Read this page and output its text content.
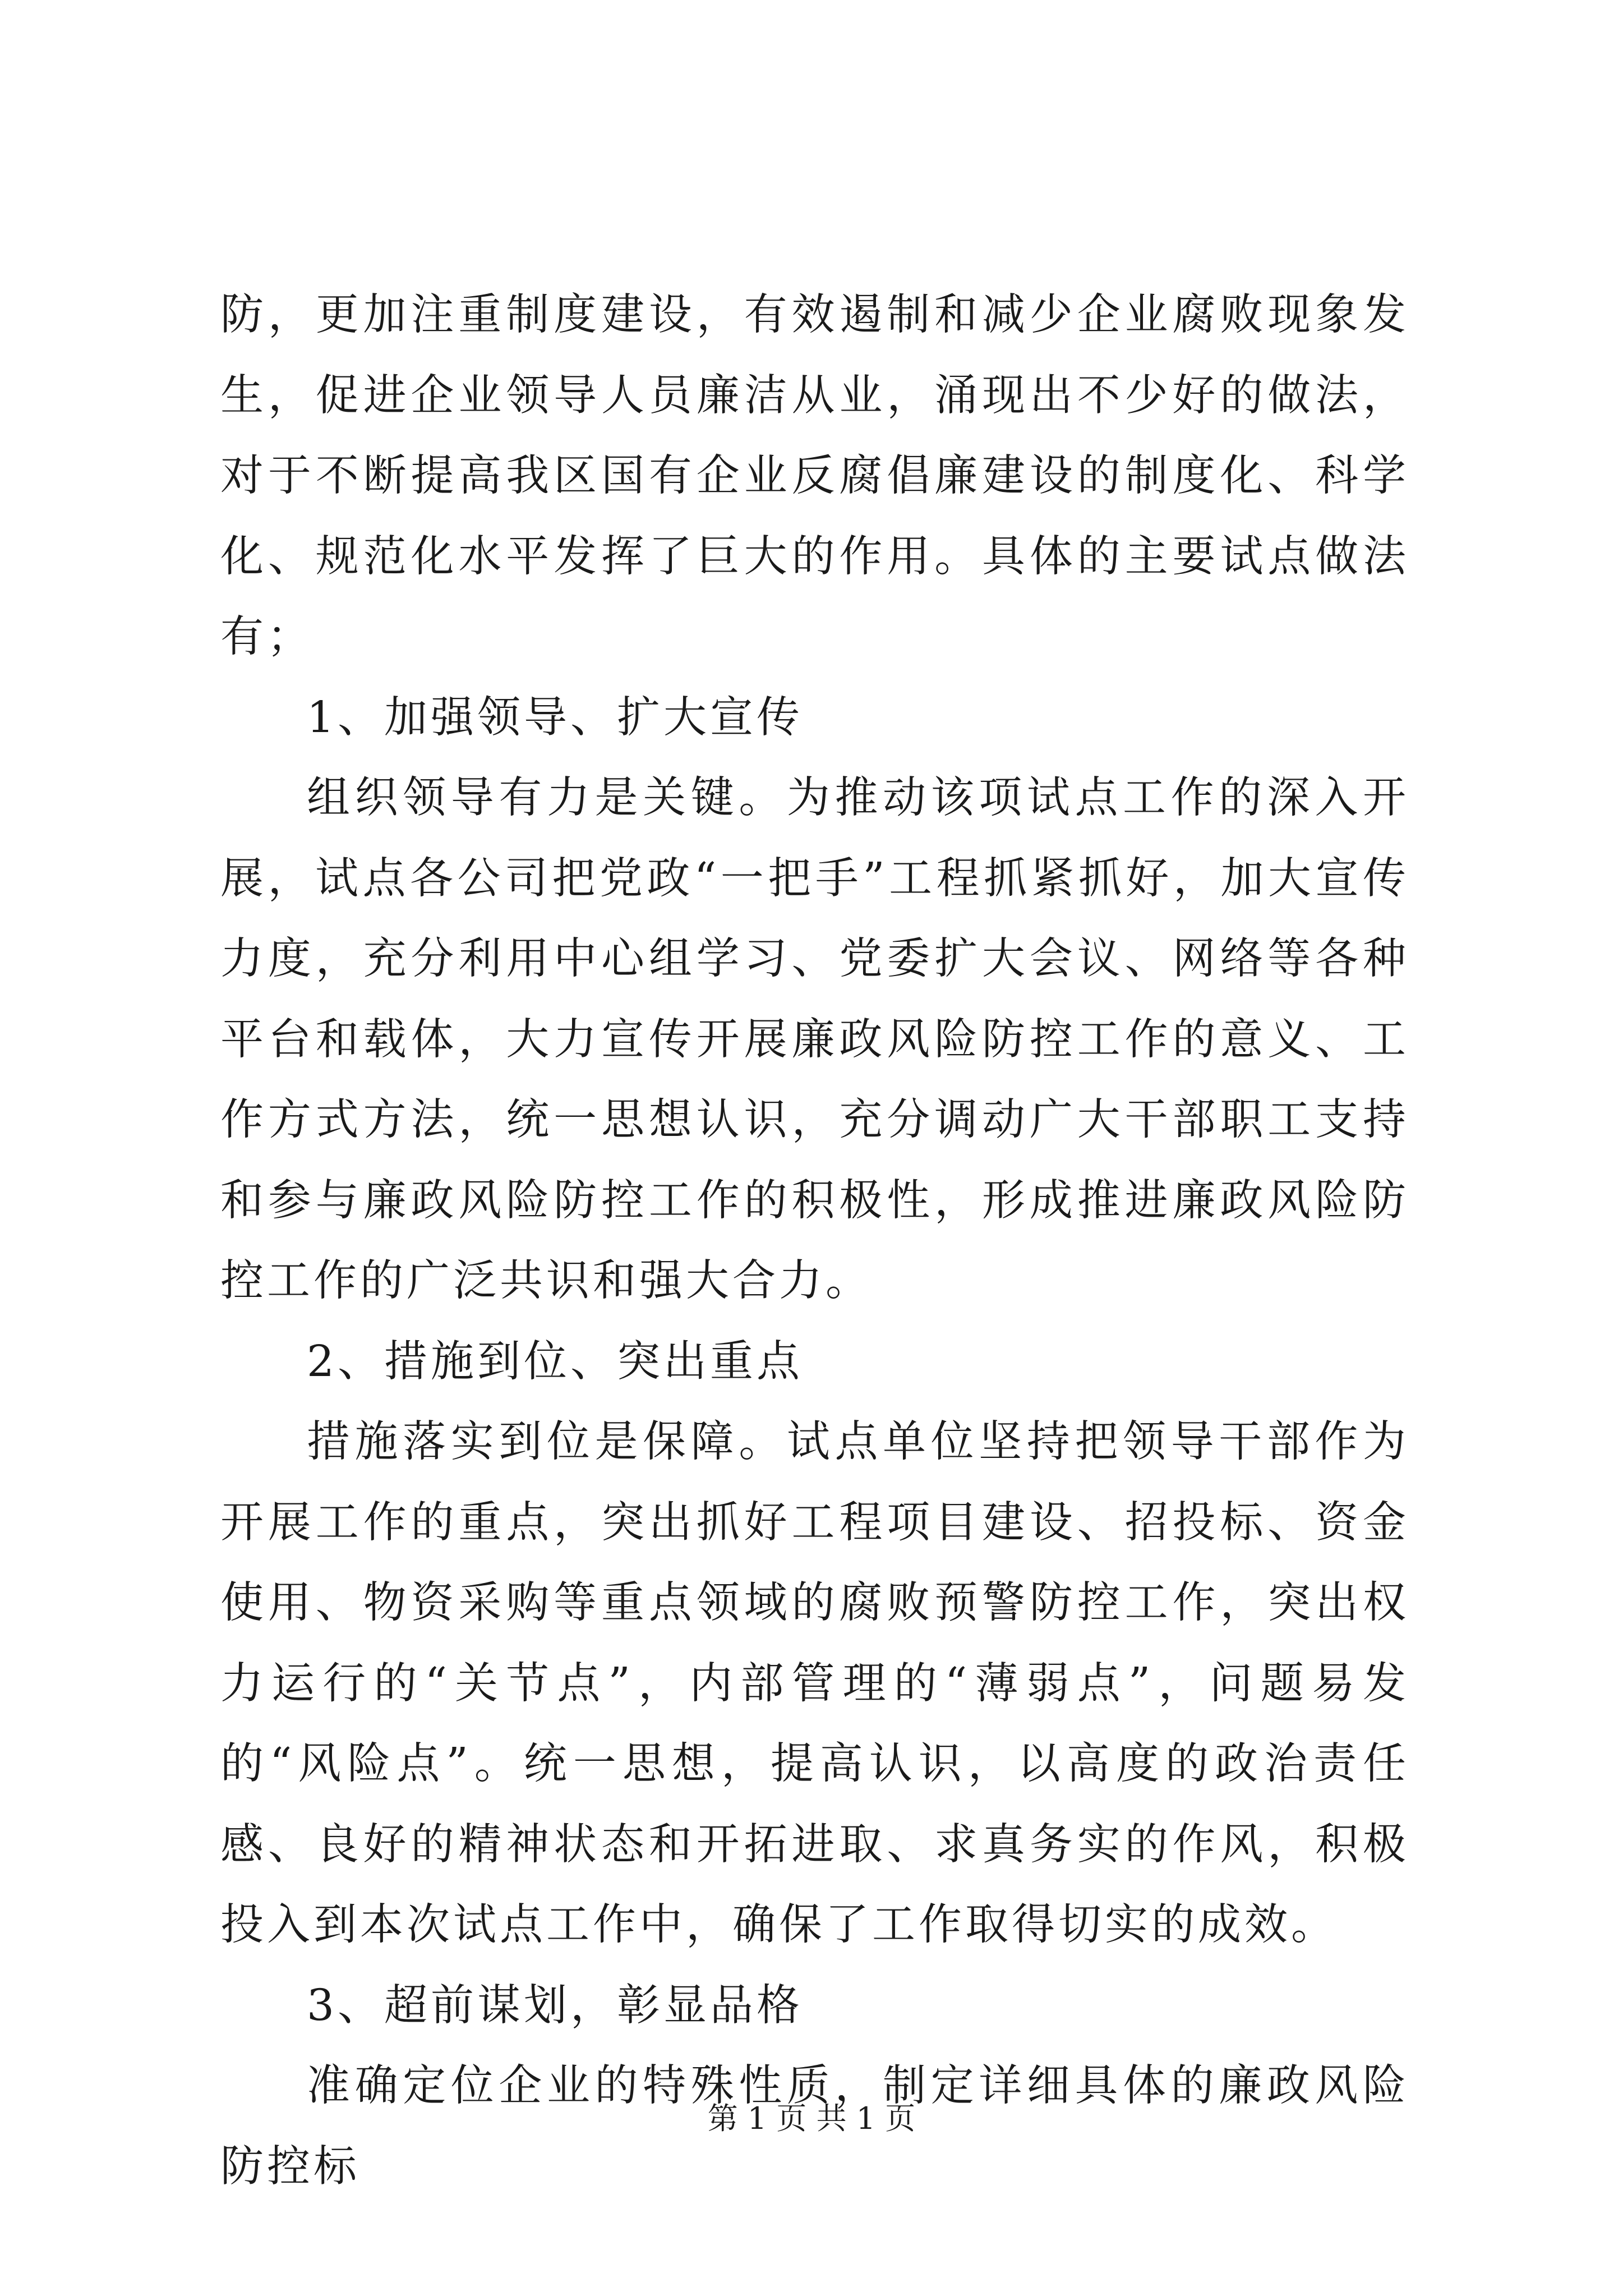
防，更加注重制度建设，有效遏制和减少企业腐败现象发生，促进企业领导人员廉洁从业，涌现出不少好的做法，对于不断提高我区国有企业反腐倡廉建设的制度化、科学化、规范化水平发挥了巨大的作用。具体的主要试点做法有；

1、加强领导、扩大宣传

组织领导有力是关键。为推动该项试点工作的深入开展，试点各公司把党政“一把手”工程抓紧抓好，加大宣传力度，充分利用中心组学习、党委扩大会议、网络等各种平台和载体，大力宣传开展廉政风险防控工作的意义、工作方式方法，统一思想认识，充分调动广大干部职工支持和参与廉政风险防控工作的积极性，形成推进廉政风险防控工作的广泛共识和强大合力。

2、措施到位、突出重点

措施落实到位是保障。试点单位坚持把领导干部作为开展工作的重点，突出抓好工程项目建设、招投标、资金使用、物资采购等重点领域的腐败预警防控工作，突出权力运行的“关节点”，内部管理的“薄弱点”，问题易发的“风险点”。统一思想，提高认识，以高度的政治责任感、良好的精神状态和开拓进取、求真务实的作风，积极投入到本次试点工作中，确保了工作取得切实的成效。

3、超前谋划，彰显品格

准确定位企业的特殊性质，制定详细具体的廉政风险防控标

第 1 页 共 1 页
